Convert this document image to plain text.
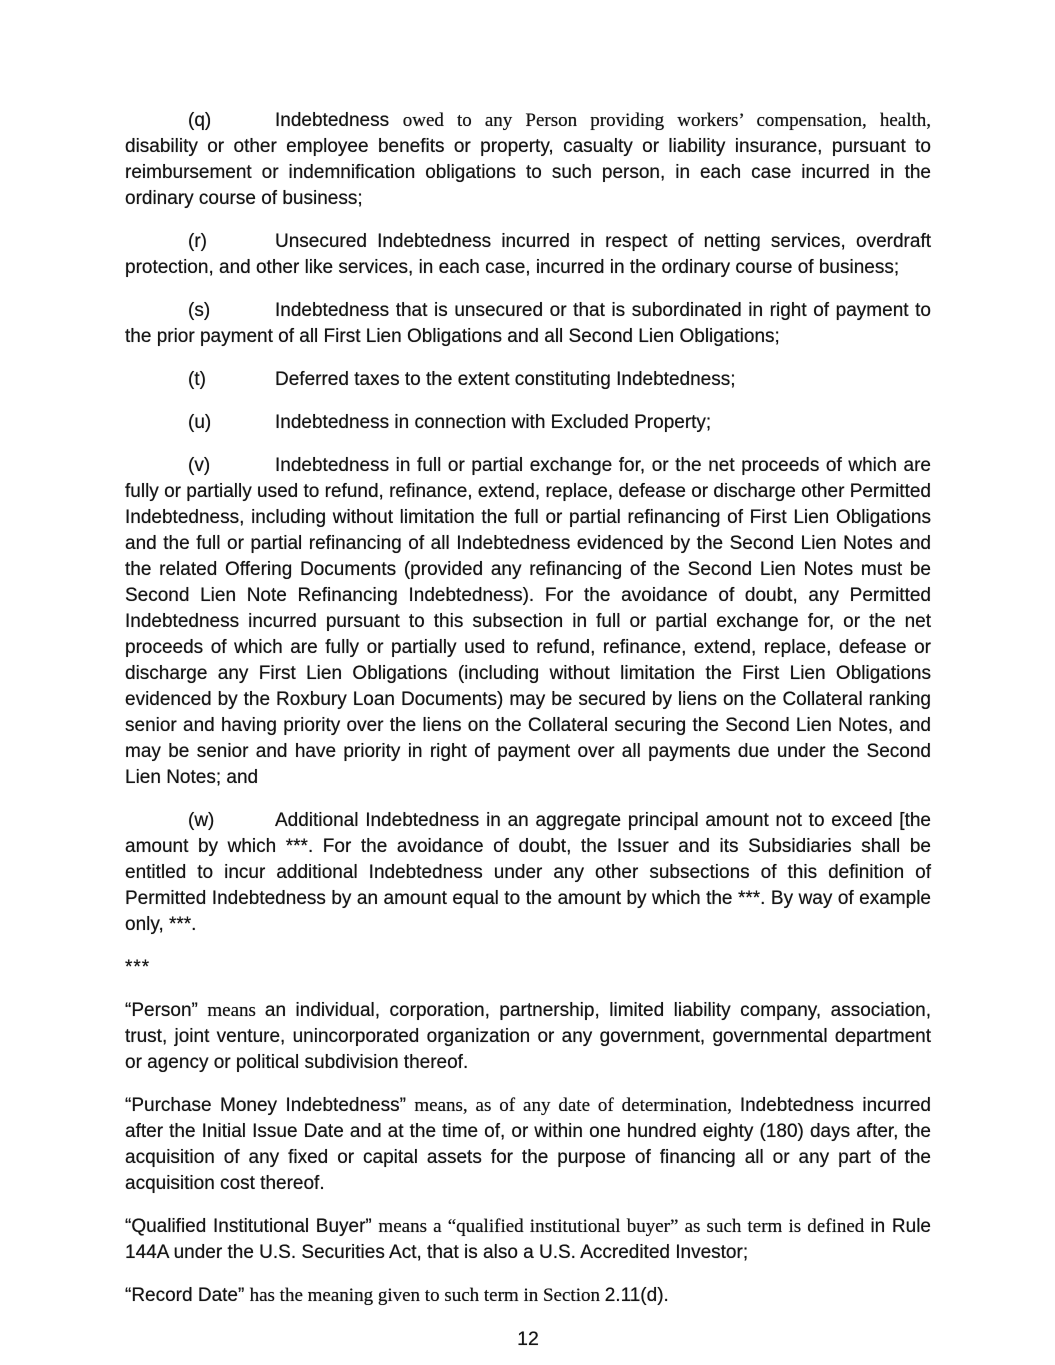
(q)	Indebtedness owed to any Person providing workers’ compensation, health, disability or other employee benefits or property, casualty or liability insurance, pursuant to reimbursement or indemnification obligations to such person, in each case incurred in the ordinary course of business;

(r)	Unsecured Indebtedness incurred in respect of netting services, overdraft protection, and other like services, in each case, incurred in the ordinary course of business;

(s)	Indebtedness that is unsecured or that is subordinated in right of payment to the prior payment of all First Lien Obligations and all Second Lien Obligations;

(t)	Deferred taxes to the extent constituting Indebtedness;

(u)	Indebtedness in connection with Excluded Property;

(v)	Indebtedness in full or partial exchange for, or the net proceeds of which are fully or partially used to refund, refinance, extend, replace, defease or discharge other Permitted Indebtedness, including without limitation the full or partial refinancing of First Lien Obligations and the full or partial refinancing of all Indebtedness evidenced by the Second Lien Notes and the related Offering Documents (provided any refinancing of the Second Lien Notes must be Second Lien Note Refinancing Indebtedness). For the avoidance of doubt, any Permitted Indebtedness incurred pursuant to this subsection in full or partial exchange for, or the net proceeds of which are fully or partially used to refund, refinance, extend, replace, defease or discharge any First Lien Obligations (including without limitation the First Lien Obligations evidenced by the Roxbury Loan Documents) may be secured by liens on the Collateral ranking senior and having priority over the liens on the Collateral securing the Second Lien Notes, and may be senior and have priority in right of payment over all payments due under the Second Lien Notes; and

(w)	Additional Indebtedness in an aggregate principal amount not to exceed [the amount by which ***. For the avoidance of doubt, the Issuer and its Subsidiaries shall be entitled to incur additional Indebtedness under any other subsections of this definition of Permitted Indebtedness by an amount equal to the amount by which the ***. By way of example only, ***.

***

“Person” means an individual, corporation, partnership, limited liability company, association, trust, joint venture, unincorporated organization or any government, governmental department or agency or political subdivision thereof.

“Purchase Money Indebtedness” means, as of any date of determination, Indebtedness incurred after the Initial Issue Date and at the time of, or within one hundred eighty (180) days after, the acquisition of any fixed or capital assets for the purpose of financing all or any part of the acquisition cost thereof.

“Qualified Institutional Buyer” means a “qualified institutional buyer” as such term is defined in Rule 144A under the U.S. Securities Act, that is also a U.S. Accredited Investor;

“Record Date” has the meaning given to such term in Section 2.11(d).

12
